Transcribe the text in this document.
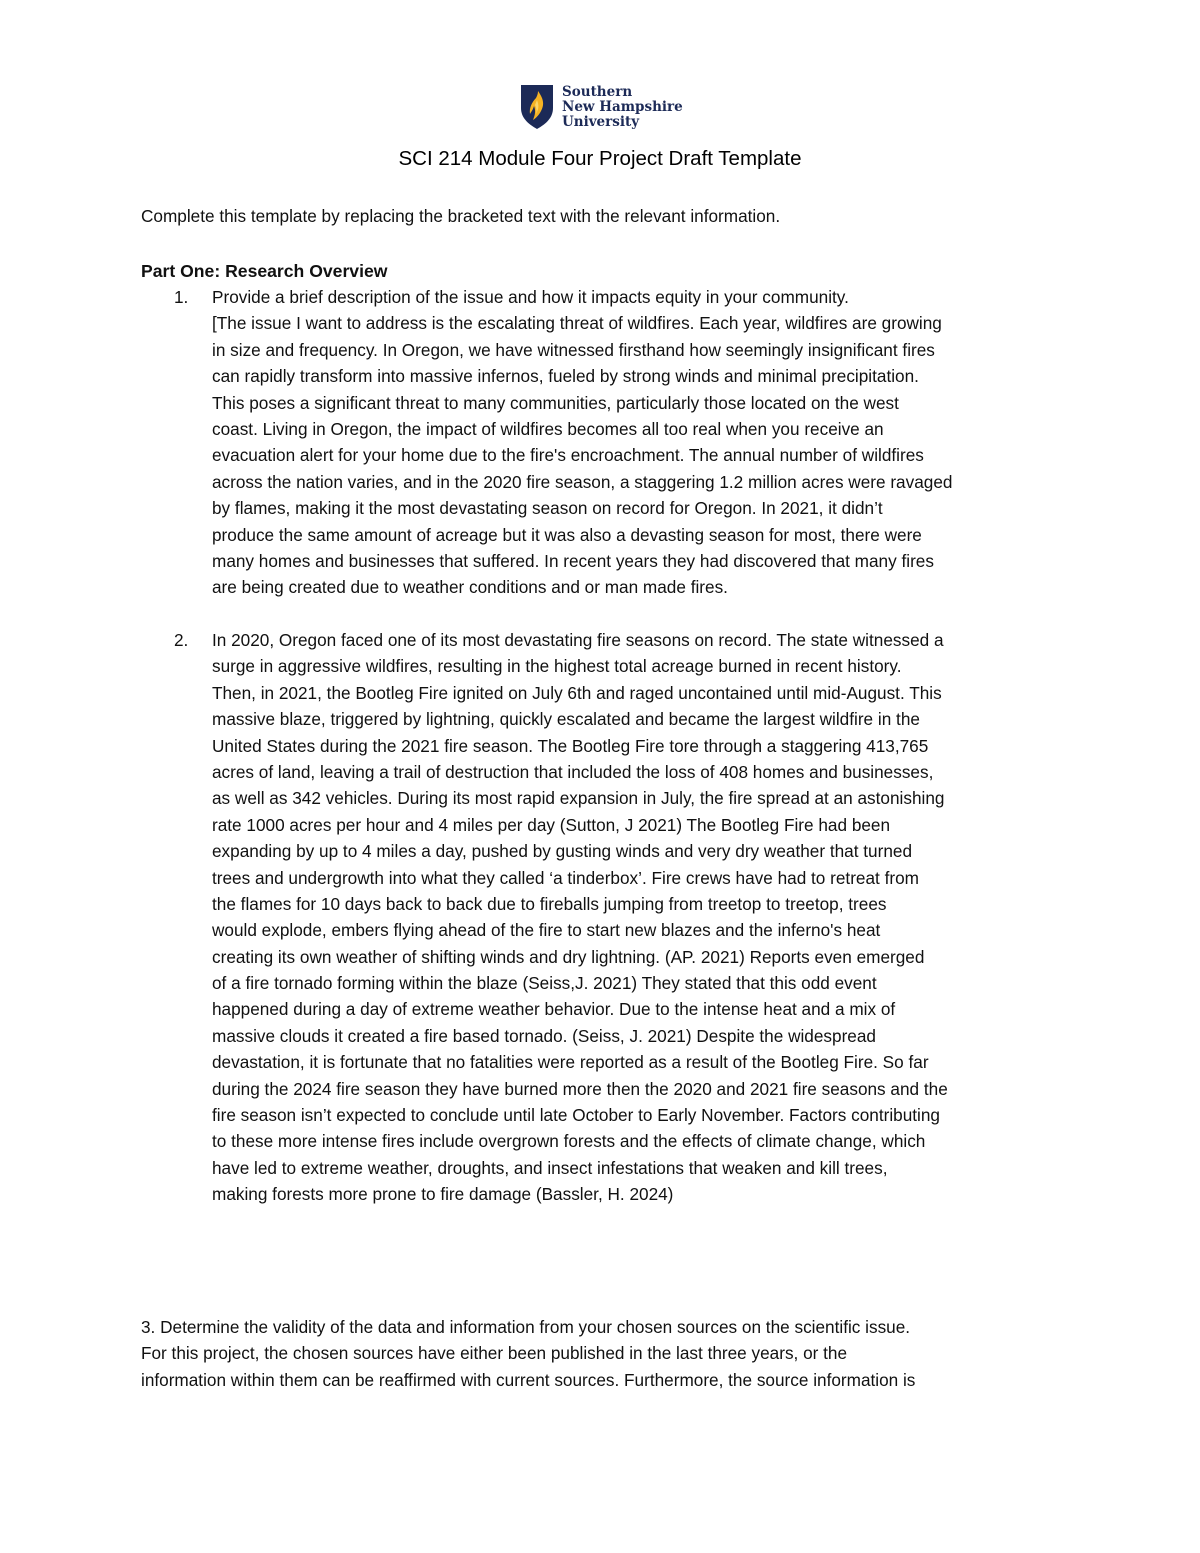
Southern
New Hampshire
University
SCI 214 Module Four Project Draft Template
Complete this template by replacing the bracketed text with the relevant information.
Part One: Research Overview
1. Provide a brief description of the issue and how it impacts equity in your community.
[The issue I want to address is the escalating threat of wildfires. Each year, wildfires are growing
in size and frequency. In Oregon, we have witnessed firsthand how seemingly insignificant fires
can rapidly transform into massive infernos, fueled by strong winds and minimal precipitation.
This poses a significant threat to many communities, particularly those located on the west
coast. Living in Oregon, the impact of wildfires becomes all too real when you receive an
evacuation alert for your home due to the fire's encroachment. The annual number of wildfires
across the nation varies, and in the 2020 fire season, a staggering 1.2 million acres were ravaged
by flames, making it the most devastating season on record for Oregon. In 2021, it didn’t
produce the same amount of acreage but it was also a devasting season for most, there were
many homes and businesses that suffered. In recent years they had discovered that many fires
are being created due to weather conditions and or man made fires.
2. In 2020, Oregon faced one of its most devastating fire seasons on record. The state witnessed a
surge in aggressive wildfires, resulting in the highest total acreage burned in recent history.
Then, in 2021, the Bootleg Fire ignited on July 6th and raged uncontained until mid-August. This
massive blaze, triggered by lightning, quickly escalated and became the largest wildfire in the
United States during the 2021 fire season. The Bootleg Fire tore through a staggering 413,765
acres of land, leaving a trail of destruction that included the loss of 408 homes and businesses,
as well as 342 vehicles. During its most rapid expansion in July, the fire spread at an astonishing
rate 1000 acres per hour and 4 miles per day (Sutton, J 2021) The Bootleg Fire had been
expanding by up to 4 miles a day, pushed by gusting winds and very dry weather that turned
trees and undergrowth into what they called ‘a tinderbox’. Fire crews have had to retreat from
the flames for 10 days back to back due to fireballs jumping from treetop to treetop, trees
would explode, embers flying ahead of the fire to start new blazes and the inferno's heat
creating its own weather of shifting winds and dry lightning. (AP. 2021) Reports even emerged
of a fire tornado forming within the blaze (Seiss,J. 2021) They stated that this odd event
happened during a day of extreme weather behavior. Due to the intense heat and a mix of
massive clouds it created a fire based tornado. (Seiss, J. 2021) Despite the widespread
devastation, it is fortunate that no fatalities were reported as a result of the Bootleg Fire. So far
during the 2024 fire season they have burned more then the 2020 and 2021 fire seasons and the
fire season isn’t expected to conclude until late October to Early November. Factors contributing
to these more intense fires include overgrown forests and the effects of climate change, which
have led to extreme weather, droughts, and insect infestations that weaken and kill trees,
making forests more prone to fire damage (Bassler, H. 2024)
3. Determine the validity of the data and information from your chosen sources on the scientific issue.
For this project, the chosen sources have either been published in the last three years, or the
information within them can be reaffirmed with current sources. Furthermore, the source information is
